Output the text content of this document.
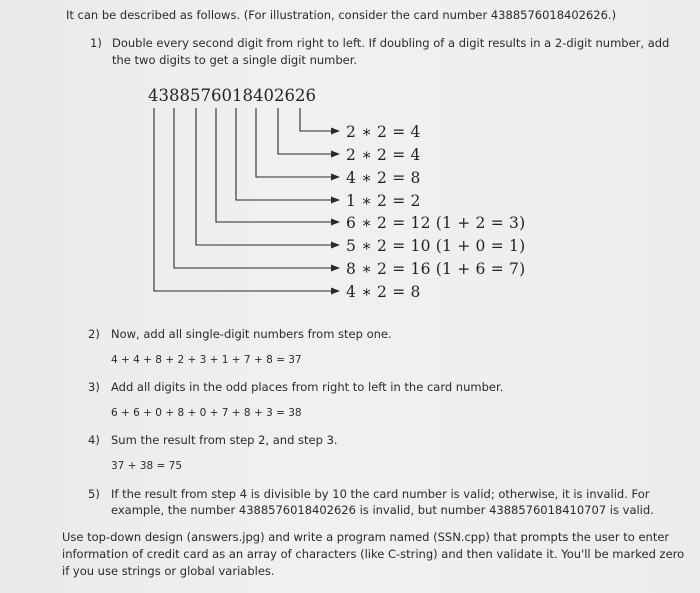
It can be described as follows. (For illustration, consider the card number 4388576018402626.)
1) Double every second digit from right to left. If doubling of a digit results in a 2-digit number, add the two digits to get a single digit number.
4388576018402626
2 ∗ 2 = 4
2 ∗ 2 = 4
4 ∗ 2 = 8
1 ∗ 2 = 2
6 ∗ 2 = 12 (1 + 2 = 3)
5 ∗ 2 = 10 (1 + 0 = 1)
8 ∗ 2 = 16 (1 + 6 = 7)
4 ∗ 2 = 8
2) Now, add all single-digit numbers from step one.
4 + 4 + 8 + 2 + 3 + 1 + 7 + 8 = 37
3) Add all digits in the odd places from right to left in the card number.
6 + 6 + 0 + 8 + 0 + 7 + 8 + 3 = 38
4) Sum the result from step 2, and step 3.
37 + 38 = 75
5) If the result from step 4 is divisible by 10 the card number is valid; otherwise, it is invalid. For
example, the number 4388576018402626 is invalid, but number 4388576018410707 is valid.
Use top-down design (answers.jpg) and write a program named (SSN.cpp) that prompts the user to enter
information of credit card as an array of characters (like C-string) and then validate it. You'll be marked zero
if you use strings or global variables.
